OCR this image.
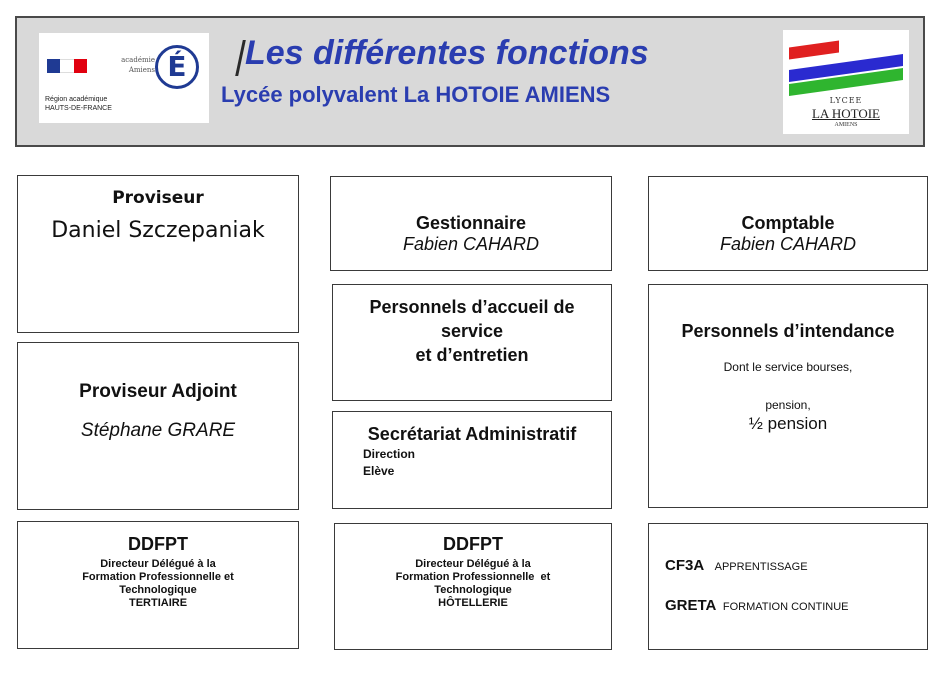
académie
Amiens É
Région académique
HAUTS-DE-FRANCE
Les différentes fonctions
Lycée polyvalent La HOTOIE AMIENS	LYCEE
LA HOTOIE
AMIENS
Proviseur
Daniel Szczepaniak	Gestionnaire
Fabien CAHARD
Comptable
Fabien CAHARD
Proviseur Adjoint
Stéphane GRARE
Personnels d’accueil de
service
et d’entretien
Personnels d’intendance
Dont le service bourses,
pension,
½ pension
Secrétariat Administratif
Direction
Elève
DDFPT
Directeur Délégué à la
Formation Professionnelle et
Technologique
TERTIAIRE
DDFPT
Directeur Délégué à la
Formation Professionnelle  et
Technologique
HÔTELLERIE
CF3A APPRENTISSAGE
GRETA FORMATION CONTINUE
